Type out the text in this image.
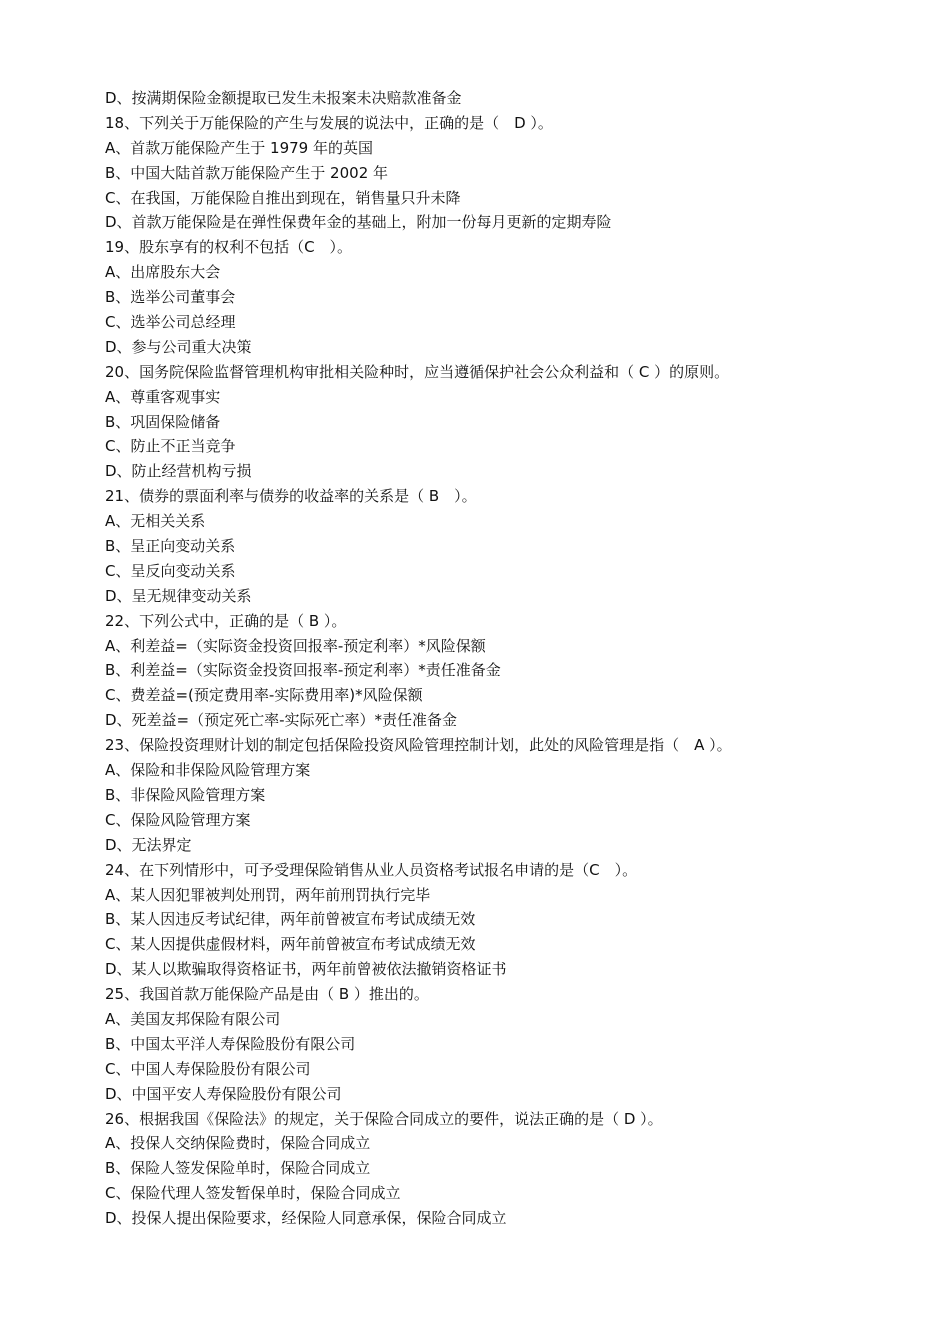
D、按满期保险金额提取已发生未报案未决赔款准备金
18、下列关于万能保险的产生与发展的说法中，正确的是（　D ）。
A、首款万能保险产生于 1979 年的英国
B、中国大陆首款万能保险产生于 2002 年
C、在我国，万能保险自推出到现在，销售量只升未降
D、首款万能保险是在弹性保费年金的基础上，附加一份每月更新的定期寿险
19、股东享有的权利不包括（C　）。
A、出席股东大会
B、选举公司董事会
C、选举公司总经理
D、参与公司重大决策
20、国务院保险监督管理机构审批相关险种时，应当遵循保护社会公众利益和（ C ）的原则。
A、尊重客观事实
B、巩固保险储备
C、防止不正当竞争
D、防止经营机构亏损
21、债券的票面利率与债券的收益率的关系是（ B　）。
A、无相关关系
B、呈正向变动关系
C、呈反向变动关系
D、呈无规律变动关系
22、下列公式中，正确的是（ B ）。
A、利差益=（实际资金投资回报率-预定利率）*风险保额
B、利差益=（实际资金投资回报率-预定利率）*责任准备金
C、费差益=(预定费用率-实际费用率)*风险保额
D、死差益=（预定死亡率-实际死亡率）*责任准备金
23、保险投资理财计划的制定包括保险投资风险管理控制计划，此处的风险管理是指（　A ）。
A、保险和非保险风险管理方案
B、非保险风险管理方案
C、保险风险管理方案
D、无法界定
24、在下列情形中，可予受理保险销售从业人员资格考试报名申请的是（C　）。
A、某人因犯罪被判处刑罚，两年前刑罚执行完毕
B、某人因违反考试纪律，两年前曾被宣布考试成绩无效
C、某人因提供虚假材料，两年前曾被宣布考试成绩无效
D、某人以欺骗取得资格证书，两年前曾被依法撤销资格证书
25、我国首款万能保险产品是由（ B ）推出的。
A、美国友邦保险有限公司
B、中国太平洋人寿保险股份有限公司
C、中国人寿保险股份有限公司
D、中国平安人寿保险股份有限公司
26、根据我国《保险法》的规定，关于保险合同成立的要件，说法正确的是（ D ）。
A、投保人交纳保险费时，保险合同成立
B、保险人签发保险单时，保险合同成立
C、保险代理人签发暂保单时，保险合同成立
D、投保人提出保险要求，经保险人同意承保，保险合同成立
